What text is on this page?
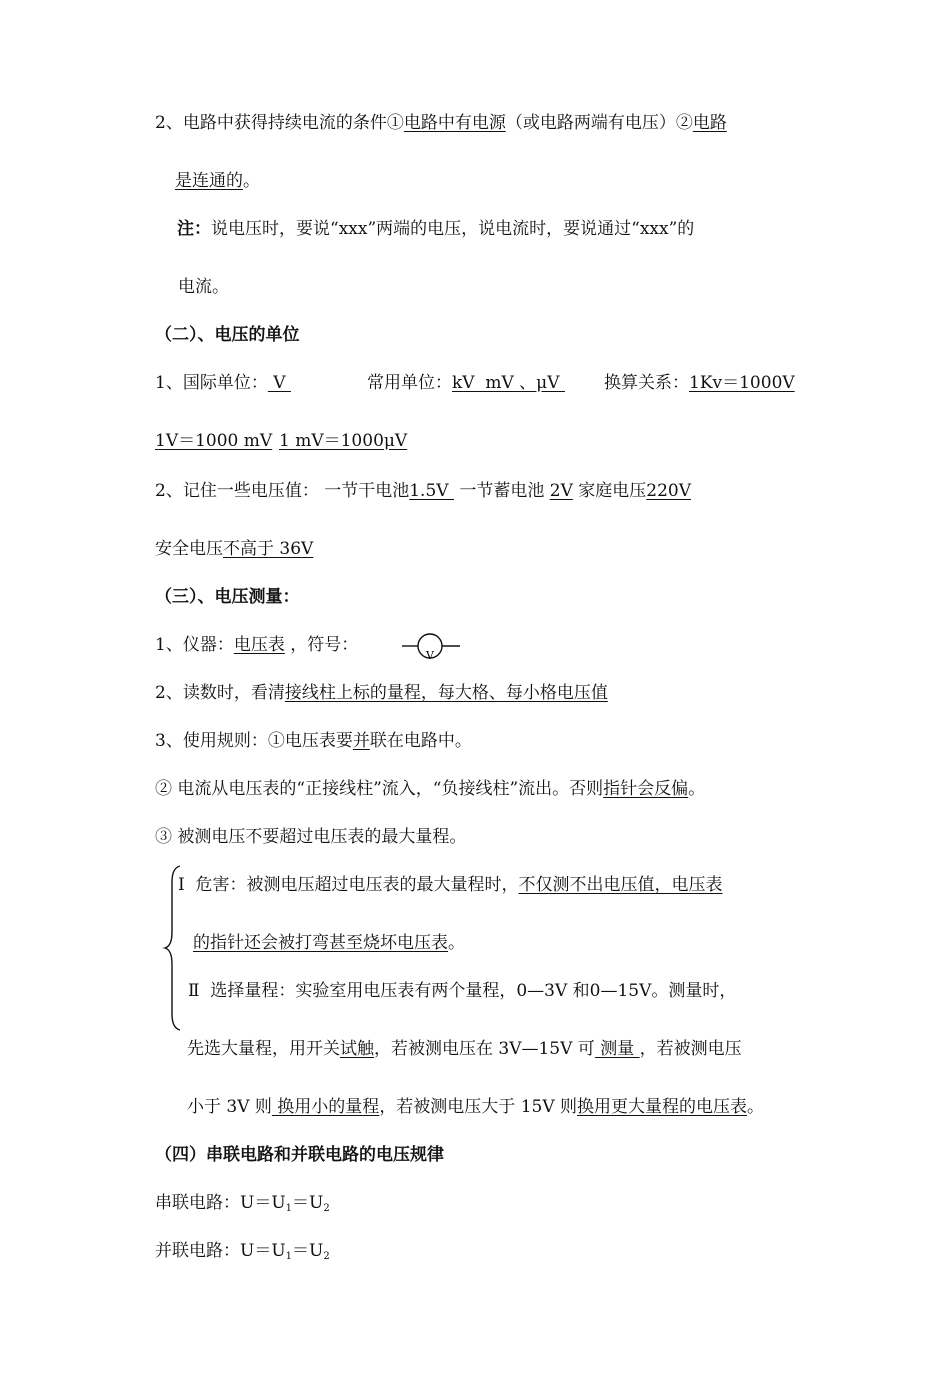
2、电路中获得持续电流的条件①电路中有电源（或电路两端有电压）②电路
是连通的。
注：说电压时，要说“xxx”两端的电压，说电流时，要说通过“xxx”的
电流。
（二）、电压的单位
1、国际单位： V	常用单位：kV  mV 、μV 换算关系：1Kv＝1000V
1V＝1000 mV 1 mV＝1000μV
2、记住一些电压值： 一节干电池1.5V  一节蓄电池 2V 家庭电压220V
安全电压不高于 36V
（三）、电压测量：
1、仪器：电压表 ，符号：
V
2、读数时，看清接线柱上标的量程，每大格、每小格电压值
3、使用规则：①电压表要并联在电路中。
② 电流从电压表的“正接线柱”流入，“负接线柱”流出。否则指针会反偏。
③ 被测电压不要超过电压表的最大量程。
Ⅰ  危害：被测电压超过电压表的最大量程时，不仅测不出电压值，电压表
的指针还会被打弯甚至烧坏电压表。
Ⅱ  选择量程：实验室用电压表有两个量程，0—3V 和0—15V。测量时，
先选大量程，用开关试触，若被测电压在 3V—15V 可 测量 ，若被测电压
小于 3V 则 换用小的量程，若被测电压大于 15V 则换用更大量程的电压表。
（四）串联电路和并联电路的电压规律
串联电路：$U=U_1=U_2$
并联电路：$U=U_1=U_2$
